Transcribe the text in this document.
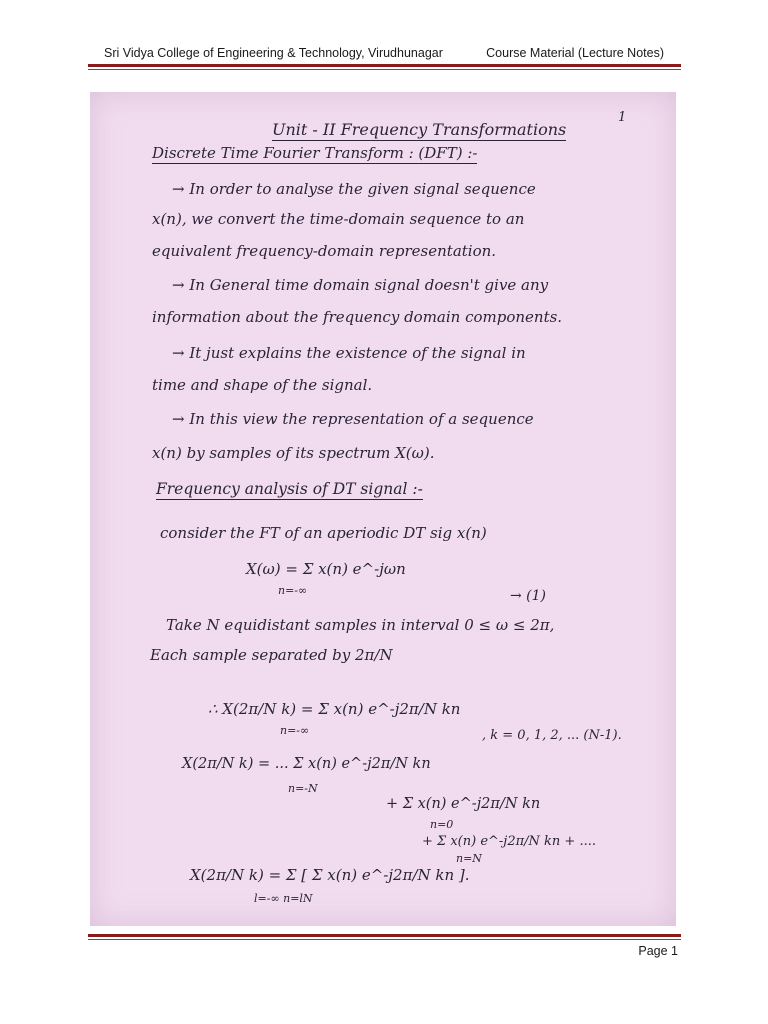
Sri Vidya College of Engineering & Technology, Virudhunagar	Course Material (Lecture Notes)
1
Unit - II Frequency Transformations
Discrete Time Fourier Transform : (DFT) :-
→ In order to analyse the given signal sequence
x(n), we convert the time-domain sequence to an
equivalent frequency-domain representation.
→ In General time domain signal doesn't give any
information about the frequency domain components.
→ It just explains the existence of the signal in
time and shape of the signal.
→ In this view the representation of a sequence
x(n) by samples of its spectrum X(ω).
Frequency analysis of DT signal :-
consider the FT of an aperiodic DT sig x(n)
X(ω) = Σ x(n) e^-jωn
n=-∞	→ (1)
Take N equidistant samples in interval 0 ≤ ω ≤ 2π,
Each sample separated by 2π/N
∴ X(2π/N k) = Σ x(n) e^-j2π/N kn
n=-∞	, k = 0, 1, 2, ... (N-1).
X(2π/N k) = ... Σ x(n) e^-j2π/N kn
n=-N
+ Σ x(n) e^-j2π/N kn
n=0
+ Σ x(n) e^-j2π/N kn + ....
n=N
X(2π/N k) = Σ [ Σ x(n) e^-j2π/N kn ].
l=-∞ n=lN
Page 1
